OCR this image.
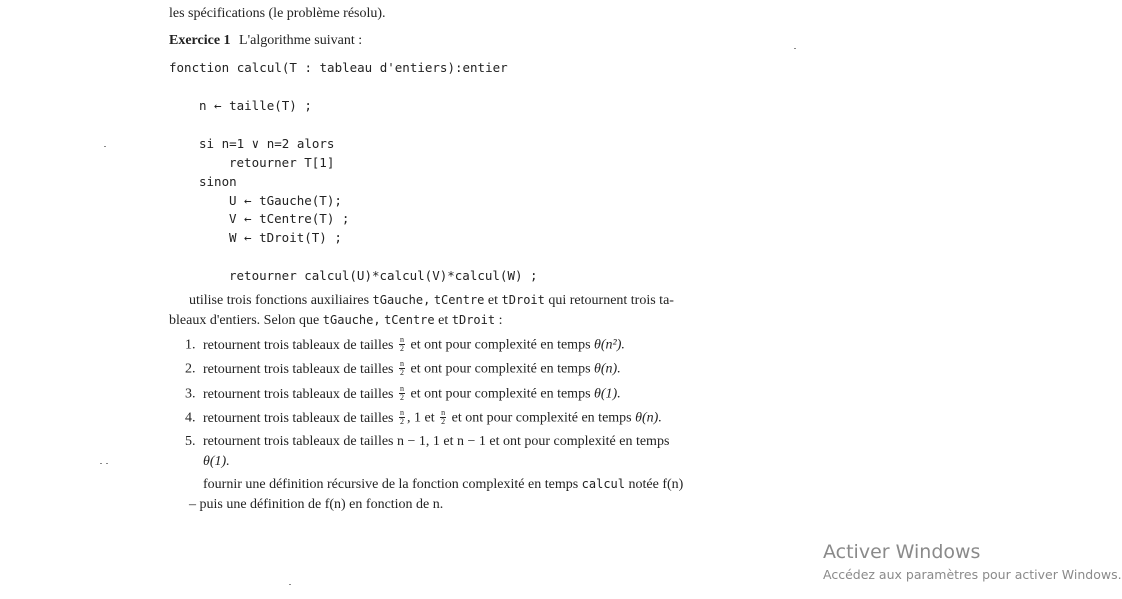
les spécifications (le problème résolu).
Exercice 1 L'algorithme suivant :
fonction calcul(T : tableau d'entiers):entier
n ← taille(T) ;
si n=1 ∨ n=2 alors
retourner T[1]
sinon
U ← tGauche(T);
V ← tCentre(T) ;
W ← tDroit(T) ;
retourner calcul(U)*calcul(V)*calcul(W) ;
utilise trois fonctions auxiliaires tGauche, tCentre et tDroit qui retournent trois ta-
bleaux d'entiers. Selon que tGauche, tCentre et tDroit :
1. retournent trois tableaux de tailles $\frac{n}{2}$ et ont pour complexité en temps θ(n²).
2. retournent trois tableaux de tailles $\frac{n}{2}$ et ont pour complexité en temps θ(n).
3. retournent trois tableaux de tailles $\frac{n}{2}$ et ont pour complexité en temps θ(1).
4. retournent trois tableaux de tailles $\frac{n}{2}$ , 1 et $\frac{n}{2}$ et ont pour complexité en temps θ(n).
5. retournent trois tableaux de tailles n − 1, 1 et n − 1 et ont pour complexité en temps
θ(1).
fournir une définition récursive de la fonction complexité en temps calcul notée f(n)
– puis une définition de f(n) en fonction de n.
Activer Windows
Accédez aux paramètres pour activer Windows.
